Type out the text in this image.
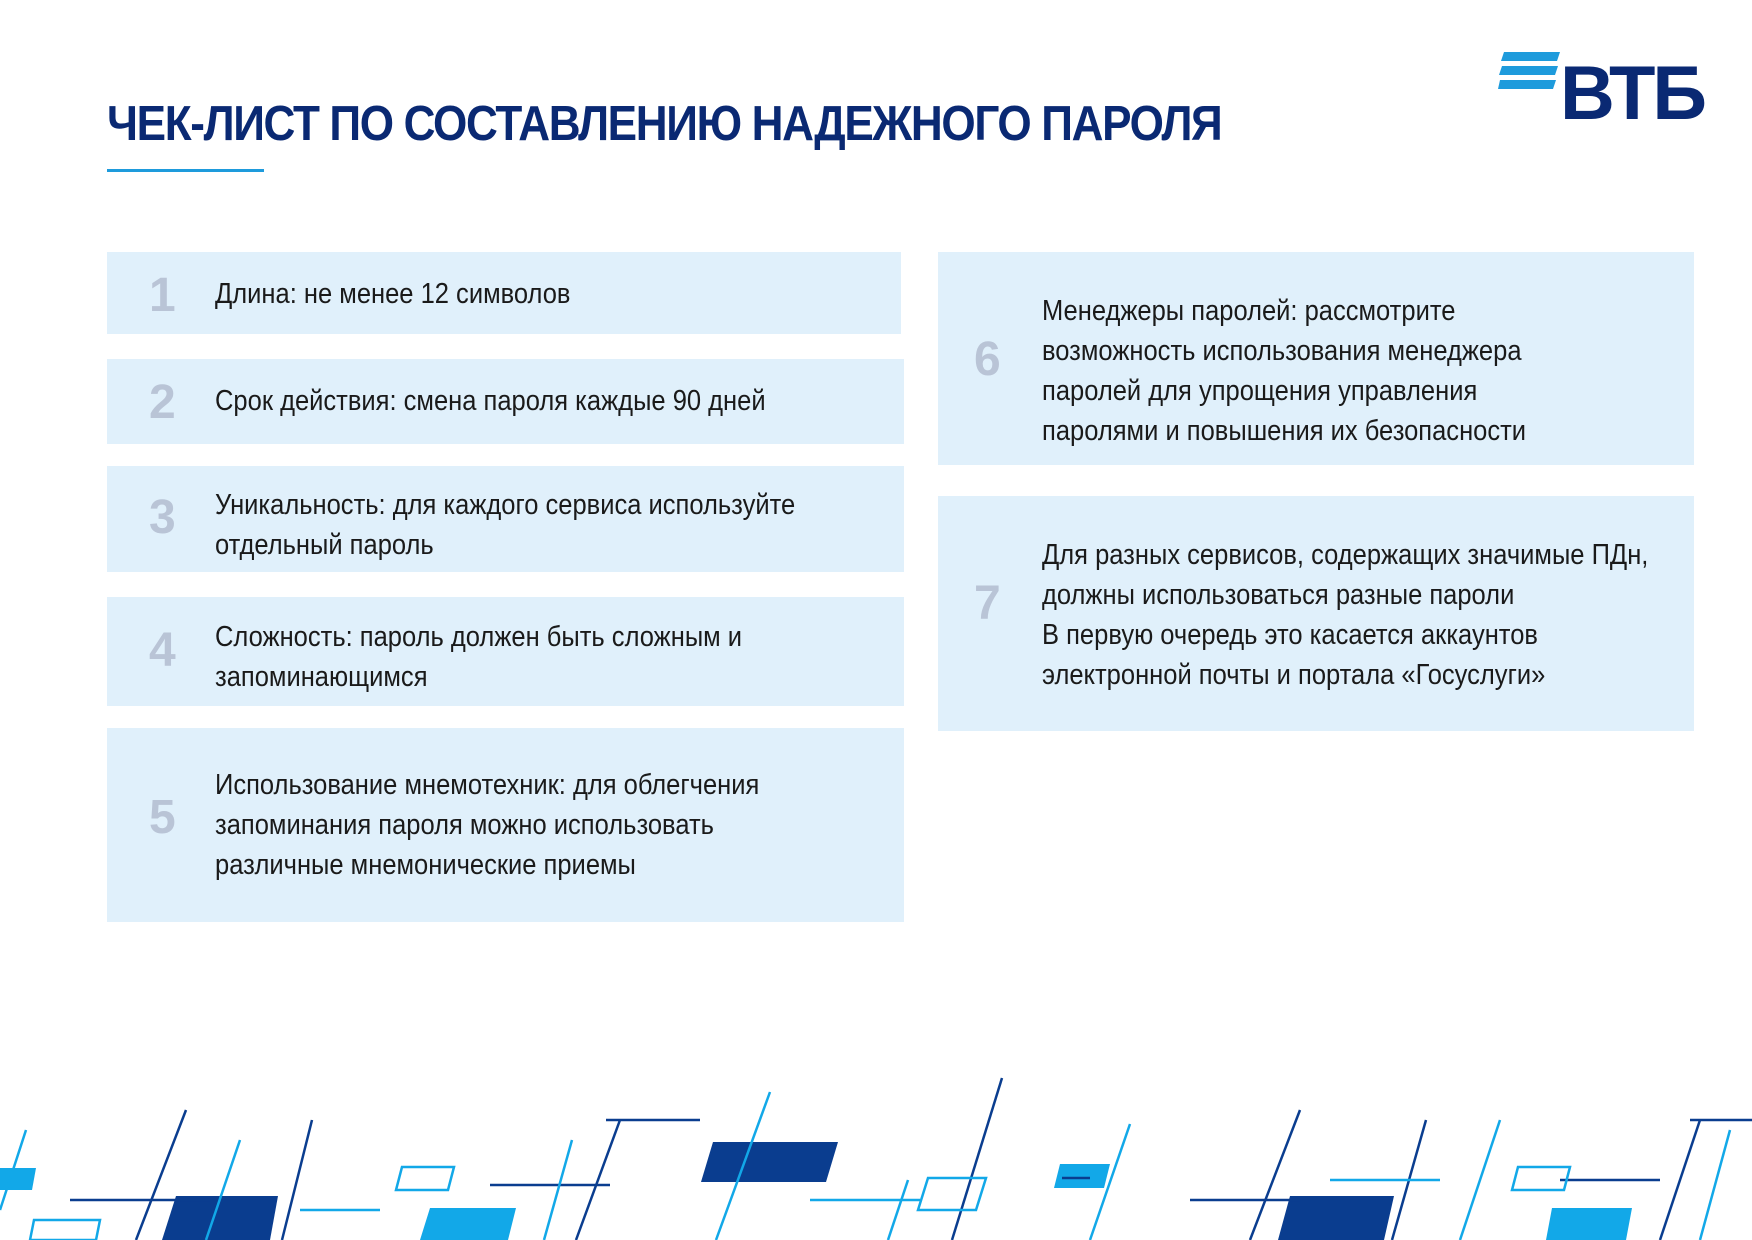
ЧЕК-ЛИСТ ПО СОСТАВЛЕНИЮ НАДЕЖНОГО ПАРОЛЯ	ВТБ
1 Длина: не менее 12 символов
2 Срок действия: смена пароля каждые 90 дней
3 Уникальность: для каждого сервиса используйте
отдельный пароль
4 Сложность: пароль должен быть сложным и
запоминающимся
5
Использование мнемотехник: для облегчения
запоминания пароля можно использовать
различные мнемонические приемы
6
Менеджеры паролей: рассмотрите
возможность использования менеджера
паролей для упрощения управления
паролями и повышения их безопасности
7
Для разных сервисов, содержащих значимые ПДн,
должны использоваться разные пароли
В первую очередь это касается аккаунтов
электронной почты и портала «Госуслуги»
